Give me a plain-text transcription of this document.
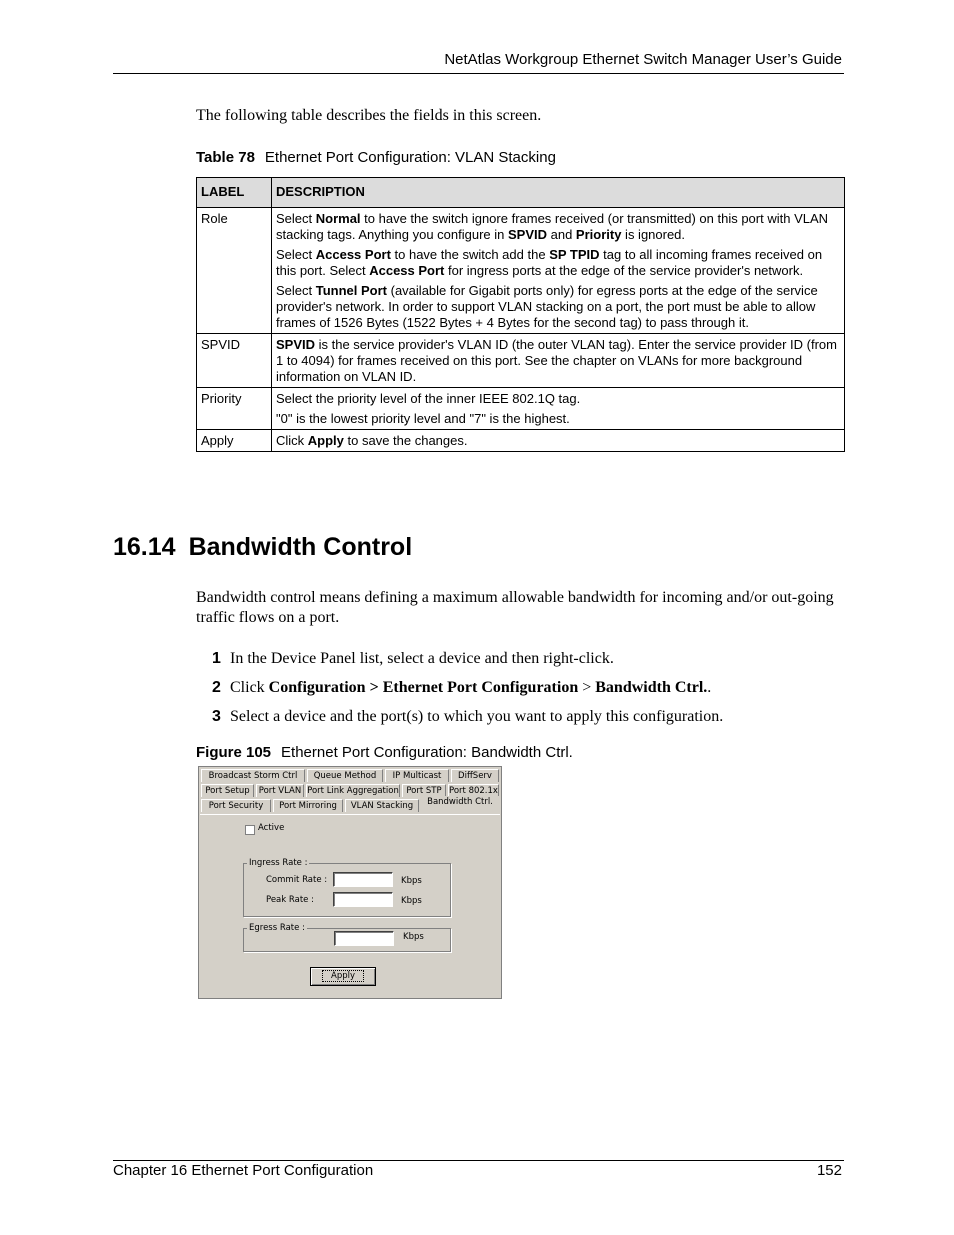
NetAtlas Workgroup Ethernet Switch Manager User’s Guide
The following table describes the fields in this screen.
Table 78 Ethernet Port Configuration: VLAN Stacking
LABEL	DESCRIPTION
Role	Select Normal to have the switch ignore frames received (or transmitted) on this port with VLAN stacking tags. Anything you configure in SPVID and Priority is ignored.

Select Access Port to have the switch add the SP TPID tag to all incoming frames received on this port. Select Access Port for ingress ports at the edge of the service provider's network.

Select Tunnel Port (available for Gigabit ports only) for egress ports at the edge of the service provider's network. In order to support VLAN stacking on a port, the port must be able to allow frames of 1526 Bytes (1522 Bytes + 4 Bytes for the second tag) to pass through it.

SPVID	SPVID is the service provider's VLAN ID (the outer VLAN tag). Enter the service provider ID (from 1 to 4094) for frames received on this port. See the chapter on VLANs for more background information on VLAN ID.

Priority	Select the priority level of the inner IEEE 802.1Q tag.

"0" is the lowest priority level and "7" is the highest.

Apply	Click Apply to save the changes.

16.14 Bandwidth Control
Bandwidth control means defining a maximum allowable bandwidth for incoming and/or out-going traffic flows on a port.
1 In the Device Panel list, select a device and then right-click.
2 Click Configuration > Ethernet Port Configuration > Bandwidth Ctrl..
3 Select a device and the port(s) to which you want to apply this configuration.
Figure 105 Ethernet Port Configuration: Bandwidth Ctrl.
Broadcast Storm Ctrl	Queue Method	IP Multicast	DiffServ
Port Setup	Port VLAN Port Link Aggregation Port STP Port 802.1x
Port Security	Port Mirroring	VLAN Stacking	Bandwidth Ctrl.
Active
Ingress Rate :
Commit Rate :	Kbps
Peak Rate :	Kbps
Egress Rate :
Kbps
Apply
Chapter 16 Ethernet Port Configuration	152
